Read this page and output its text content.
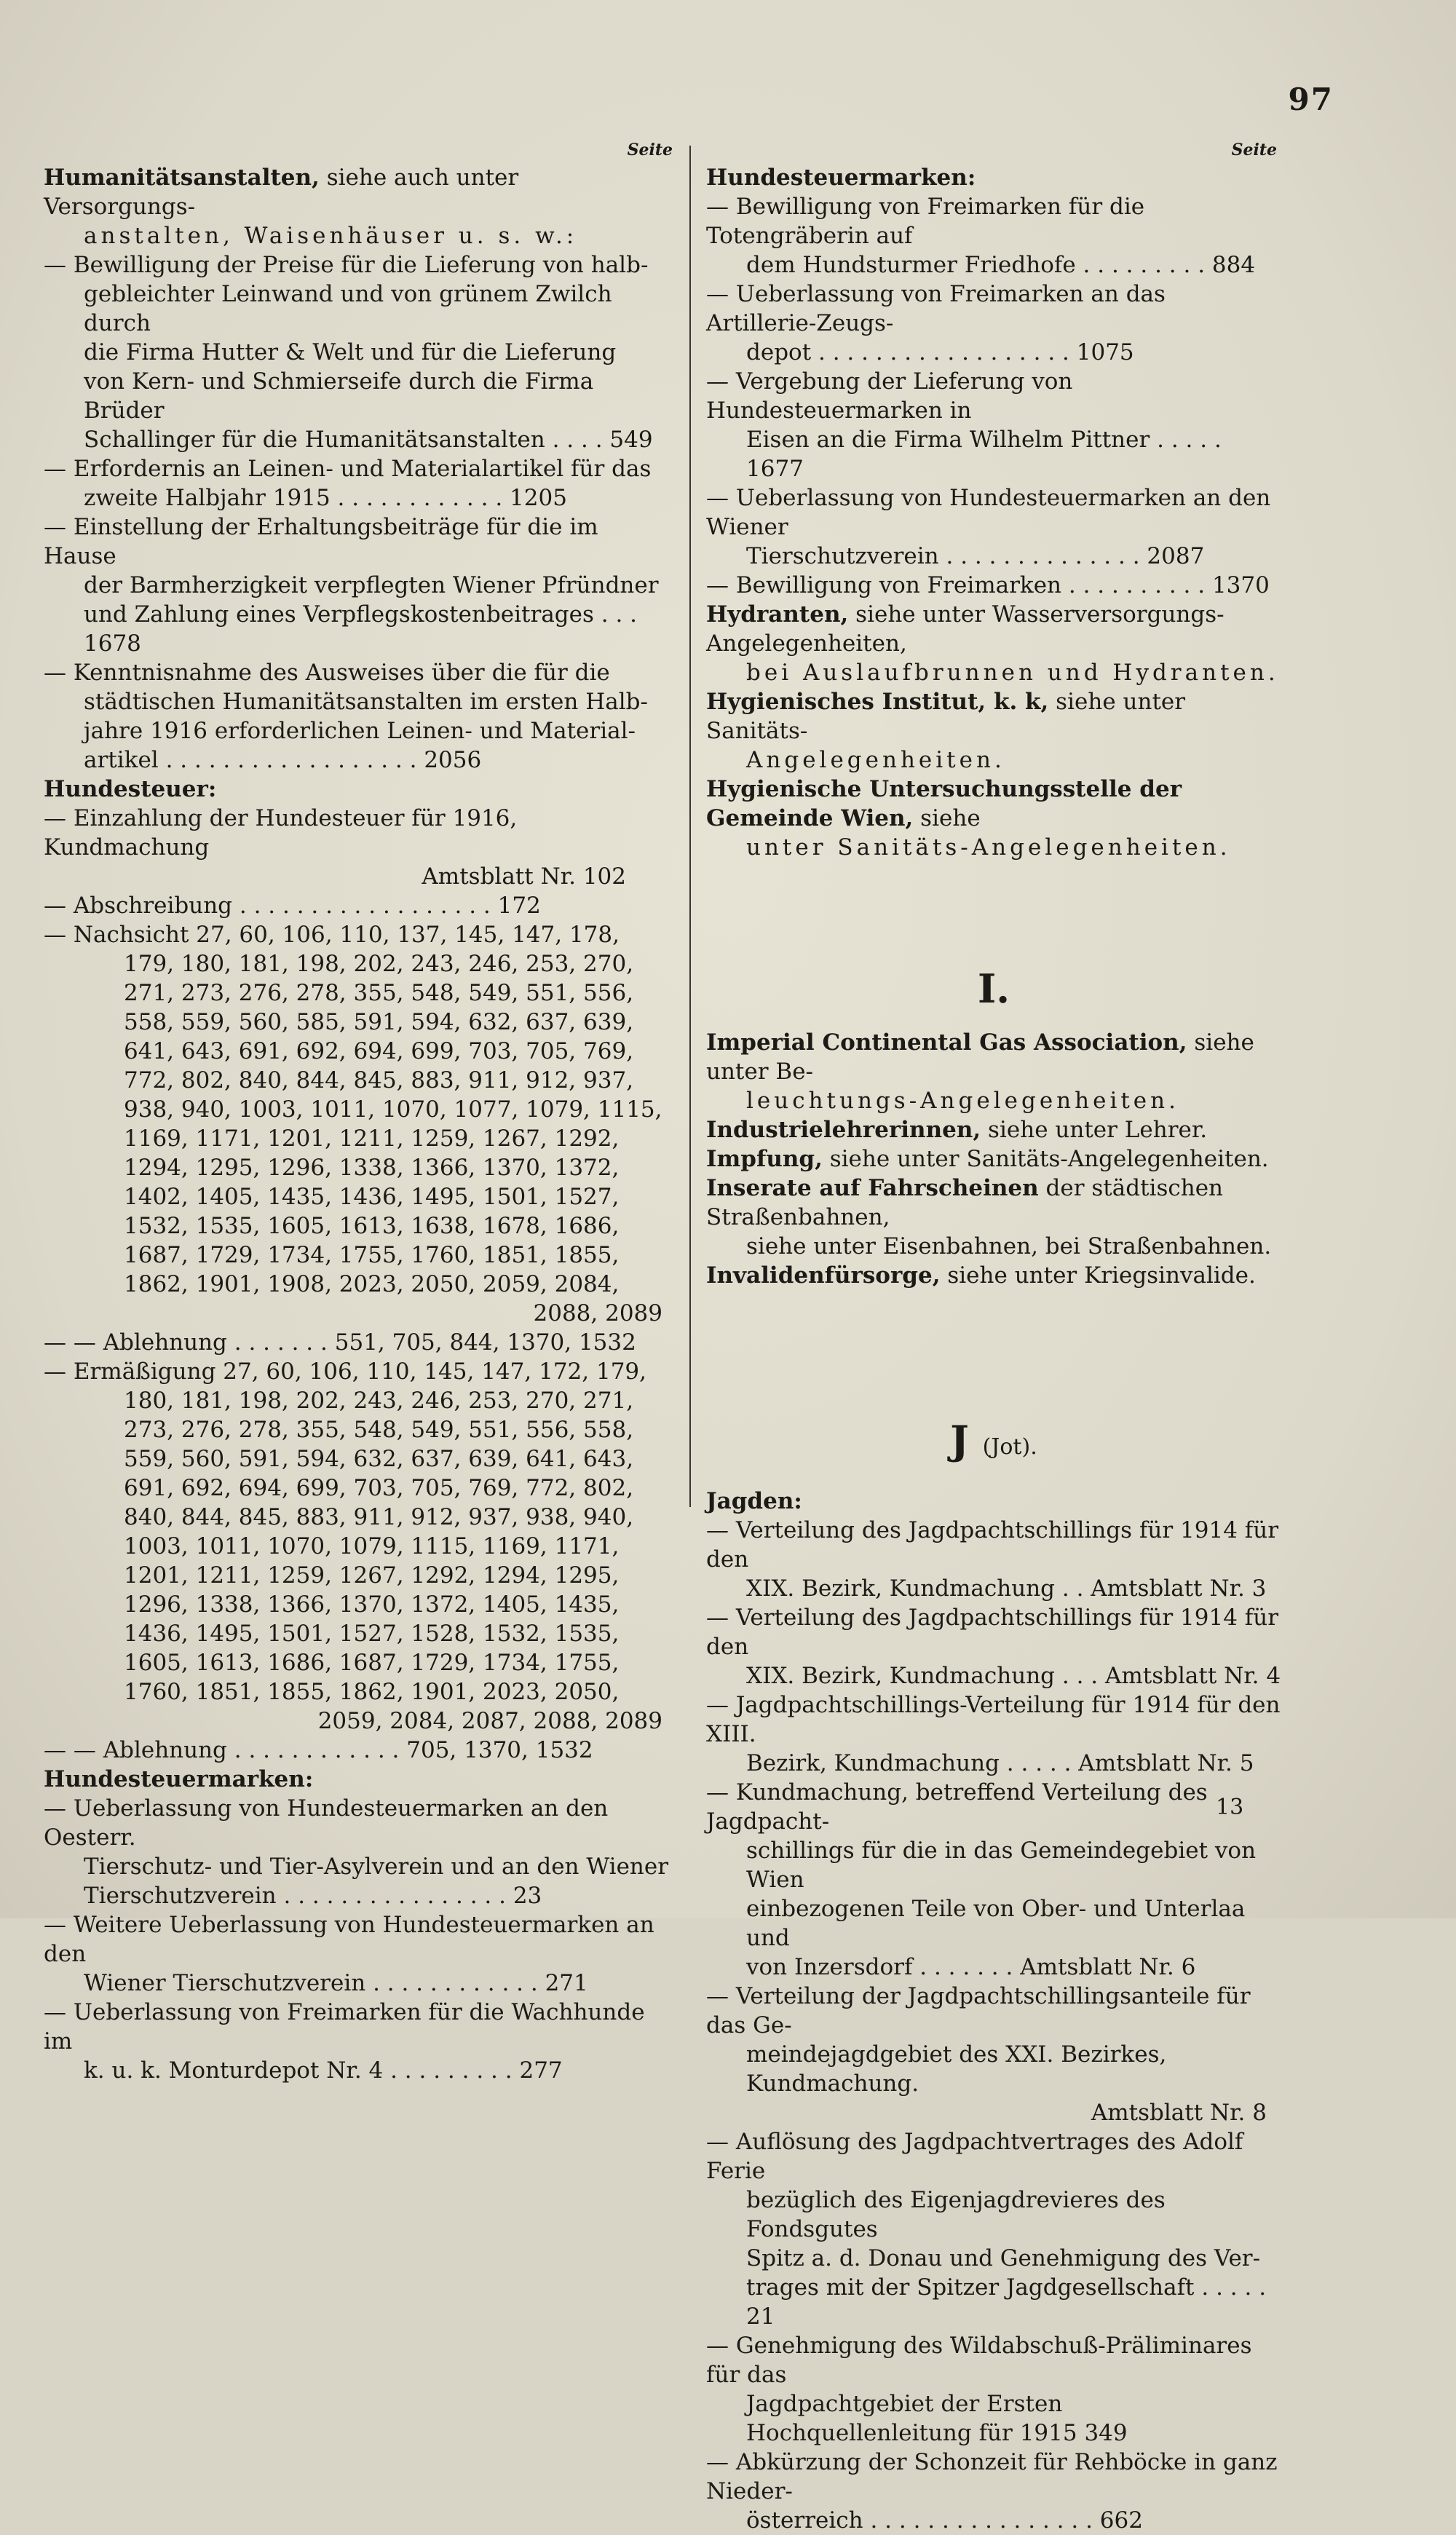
97
Seite
Humanitätsanstalten, siehe auch unter Versorgungs-
anstalten, Waisenhäuser u. s. w.:
— Bewilligung der Preise für die Lieferung von halb-
gebleichter Leinwand und von grünem Zwilch durch
die Firma Hutter & Welt und für die Lieferung
von Kern- und Schmierseife durch die Firma Brüder
Schallinger für die Humanitätsanstalten . . . . 549
— Erfordernis an Leinen- und Materialartikel für das
zweite Halbjahr 1915 . . . . . . . . . . . . 1205
— Einstellung der Erhaltungsbeiträge für die im Hause
der Barmherzigkeit verpflegten Wiener Pfründner
und Zahlung eines Verpflegskostenbeitrages . . . 1678
— Kenntnisnahme des Ausweises über die für die
städtischen Humanitätsanstalten im ersten Halb-
jahre 1916 erforderlichen Leinen- und Material-
artikel . . . . . . . . . . . . . . . . . . 2056
Hundesteuer:
— Einzahlung der Hundesteuer für 1916, Kundmachung
Amtsblatt Nr. 102
— Abschreibung . . . . . . . . . . . . . . . . . . 172
— Nachsicht 27, 60, 106, 110, 137, 145, 147, 178,
179, 180, 181, 198, 202, 243, 246, 253, 270,
271, 273, 276, 278, 355, 548, 549, 551, 556,
558, 559, 560, 585, 591, 594, 632, 637, 639,
641, 643, 691, 692, 694, 699, 703, 705, 769,
772, 802, 840, 844, 845, 883, 911, 912, 937,
938, 940, 1003, 1011, 1070, 1077, 1079, 1115,
1169, 1171, 1201, 1211, 1259, 1267, 1292,
1294, 1295, 1296, 1338, 1366, 1370, 1372,
1402, 1405, 1435, 1436, 1495, 1501, 1527,
1532, 1535, 1605, 1613, 1638, 1678, 1686,
1687, 1729, 1734, 1755, 1760, 1851, 1855,
1862, 1901, 1908, 2023, 2050, 2059, 2084,
2088, 2089
— — Ablehnung . . . . . . . 551, 705, 844, 1370, 1532
— Ermäßigung 27, 60, 106, 110, 145, 147, 172, 179,
180, 181, 198, 202, 243, 246, 253, 270, 271,
273, 276, 278, 355, 548, 549, 551, 556, 558,
559, 560, 591, 594, 632, 637, 639, 641, 643,
691, 692, 694, 699, 703, 705, 769, 772, 802,
840, 844, 845, 883, 911, 912, 937, 938, 940,
1003, 1011, 1070, 1079, 1115, 1169, 1171,
1201, 1211, 1259, 1267, 1292, 1294, 1295,
1296, 1338, 1366, 1370, 1372, 1405, 1435,
1436, 1495, 1501, 1527, 1528, 1532, 1535,
1605, 1613, 1686, 1687, 1729, 1734, 1755,
1760, 1851, 1855, 1862, 1901, 2023, 2050,
2059, 2084, 2087, 2088, 2089
— — Ablehnung . . . . . . . . . . . . 705, 1370, 1532
Hundesteuermarken:
— Ueberlassung von Hundesteuermarken an den Oesterr.
Tierschutz- und Tier-Asylverein und an den Wiener
Tierschutzverein . . . . . . . . . . . . . . . . 23
— Weitere Ueberlassung von Hundesteuermarken an den
Wiener Tierschutzverein . . . . . . . . . . . . 271
— Ueberlassung von Freimarken für die Wachhunde im
k. u. k. Monturdepot Nr. 4 . . . . . . . . . 277
Seite
Hundesteuermarken:
— Bewilligung von Freimarken für die Totengräberin auf
dem Hundsturmer Friedhofe . . . . . . . . . 884
— Ueberlassung von Freimarken an das Artillerie-Zeugs-
depot . . . . . . . . . . . . . . . . . . 1075
— Vergebung der Lieferung von Hundesteuermarken in
Eisen an die Firma Wilhelm Pittner . . . . . 1677
— Ueberlassung von Hundesteuermarken an den Wiener
Tierschutzverein . . . . . . . . . . . . . . 2087
— Bewilligung von Freimarken . . . . . . . . . . 1370
Hydranten, siehe unter Wasserversorgungs-Angelegenheiten,
bei Auslaufbrunnen und Hydranten.
Hygienisches Institut, k. k, siehe unter Sanitäts-
Angelegenheiten.
Hygienische Untersuchungsstelle der Gemeinde Wien, siehe
unter Sanitäts-Angelegenheiten.
I.
Imperial Continental Gas Association, siehe unter Be-
leuchtungs-Angelegenheiten.
Industrielehrerinnen, siehe unter Lehrer.
Impfung, siehe unter Sanitäts-Angelegenheiten.
Inserate auf Fahrscheinen der städtischen Straßenbahnen,
siehe unter Eisenbahnen, bei Straßenbahnen.
Invalidenfürsorge, siehe unter Kriegsinvalide.
J (Jot).
Jagden:
— Verteilung des Jagdpachtschillings für 1914 für den
XIX. Bezirk, Kundmachung . . Amtsblatt Nr. 3
— Verteilung des Jagdpachtschillings für 1914 für den
XIX. Bezirk, Kundmachung . . . Amtsblatt Nr. 4
— Jagdpachtschillings-Verteilung für 1914 für den XIII.
Bezirk, Kundmachung . . . . . Amtsblatt Nr. 5
— Kundmachung, betreffend Verteilung des Jagdpacht-
schillings für die in das Gemeindegebiet von Wien
einbezogenen Teile von Ober- und Unterlaa und
von Inzersdorf . . . . . . . Amtsblatt Nr. 6
— Verteilung der Jagdpachtschillingsanteile für das Ge-
meindejagdgebiet des XXI. Bezirkes, Kundmachung.
Amtsblatt Nr. 8
— Auflösung des Jagdpachtvertrages des Adolf Ferie
bezüglich des Eigenjagdrevieres des Fondsgutes
Spitz a. d. Donau und Genehmigung des Ver-
trages mit der Spitzer Jagdgesellschaft . . . . . 21
— Genehmigung des Wildabschuß-Präliminares für das
Jagdpachtgebiet der Ersten Hochquellenleitung für 1915 349
— Abkürzung der Schonzeit für Rehböcke in ganz Nieder-
österreich . . . . . . . . . . . . . . . . 662
13
